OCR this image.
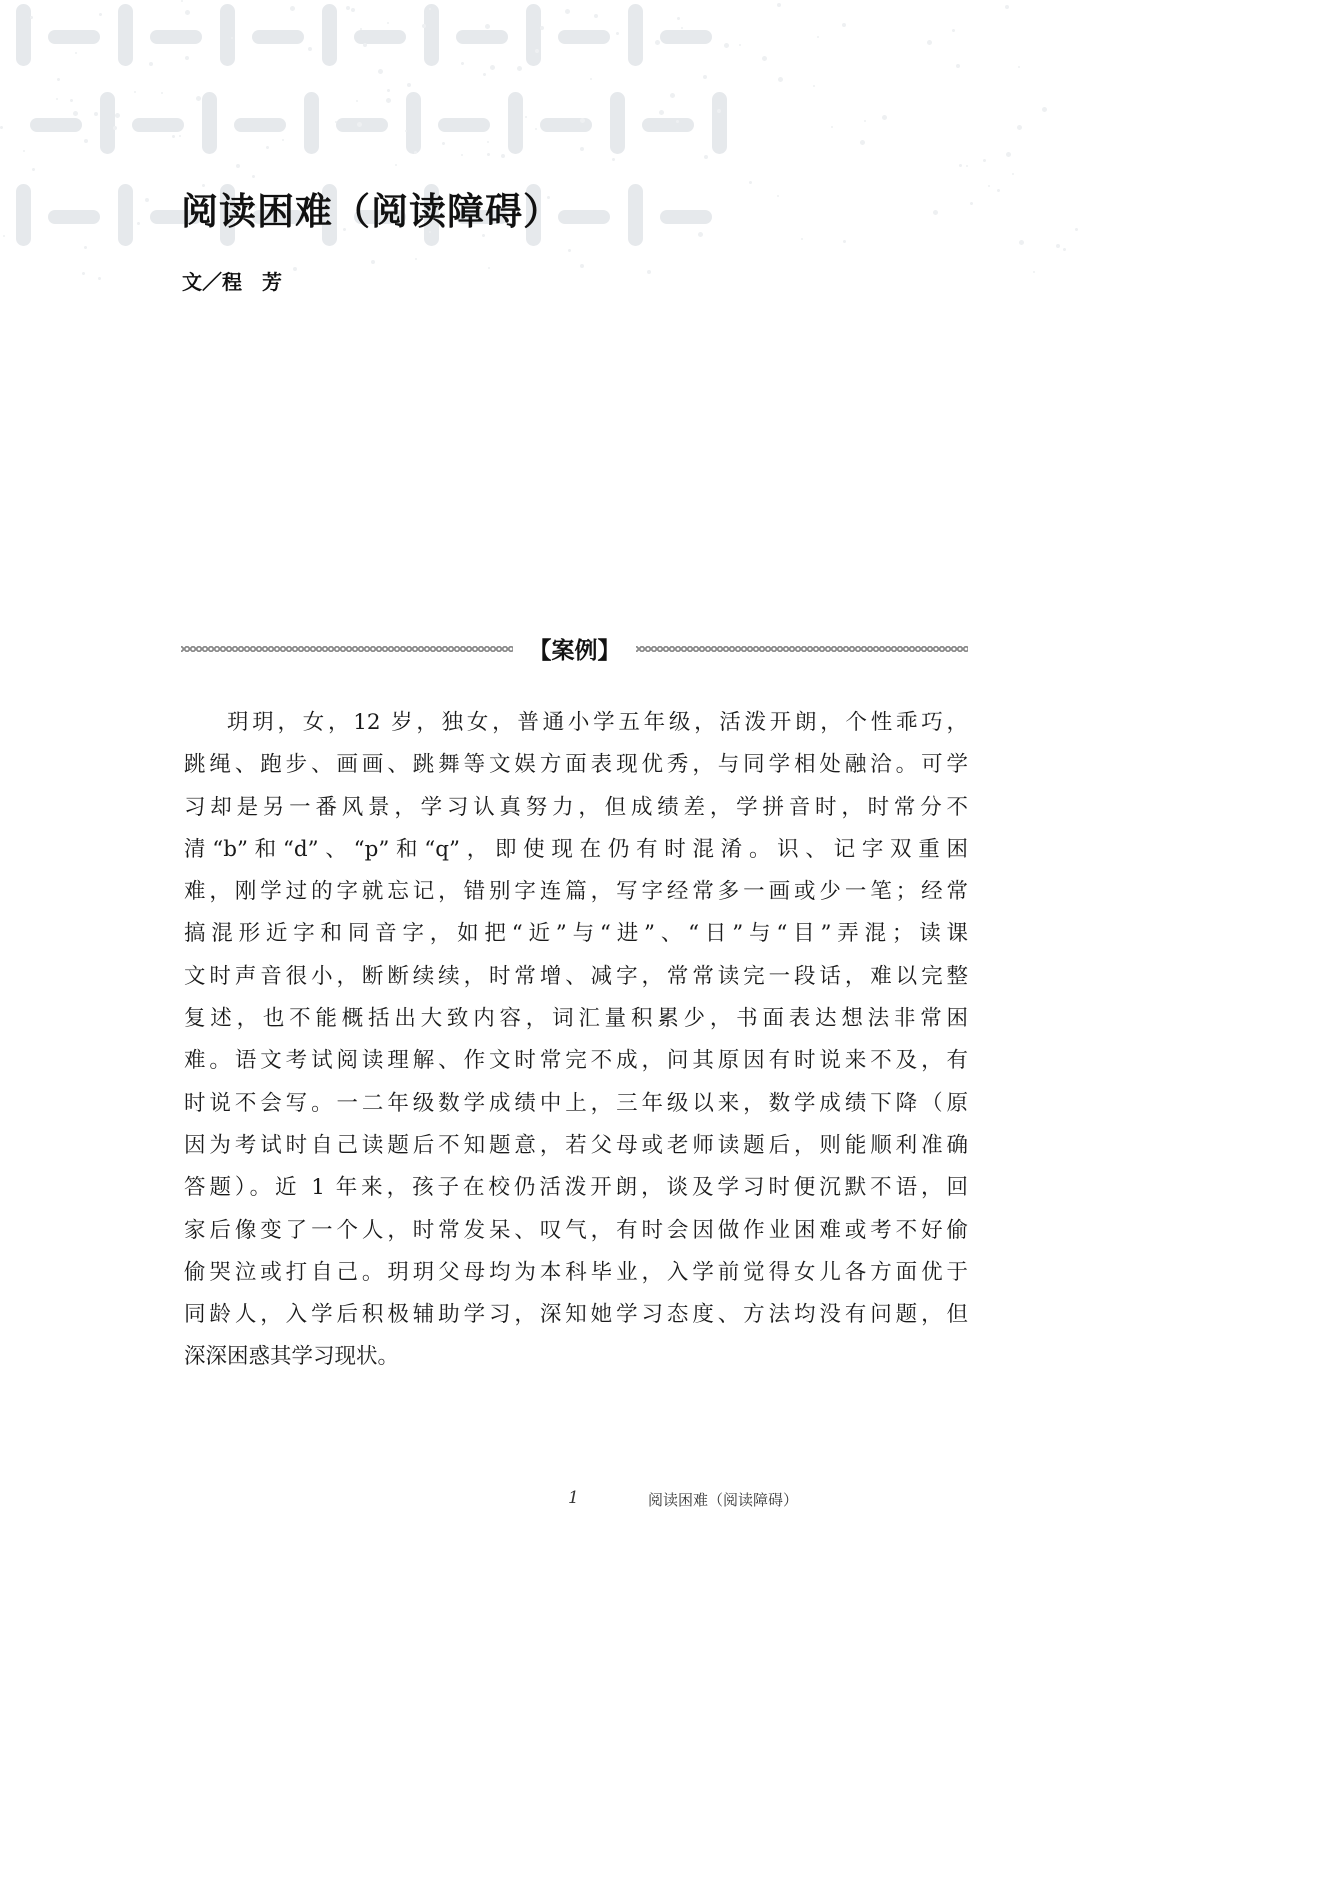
阅读困难（阅读障碍）
文／程　芳
【案例】
玥玥，女，12 岁，独女，普通小学五年级，活泼开朗，个性乖巧，
跳绳、跑步、画画、跳舞等文娱方面表现优秀，与同学相处融洽。可学
习却是另一番风景，学习认真努力，但成绩差，学拼音时，时常分不
清“b”和“d”、“p”和“q”，即使现在仍有时混淆。识、记字双重困
难，刚学过的字就忘记，错别字连篇，写字经常多一画或少一笔；经常
搞混形近字和同音字，如把“近”与“进”、“日”与“目”弄混；读课
文时声音很小，断断续续，时常增、减字，常常读完一段话，难以完整
复述，也不能概括出大致内容，词汇量积累少，书面表达想法非常困
难。语文考试阅读理解、作文时常完不成，问其原因有时说来不及，有
时说不会写。一二年级数学成绩中上，三年级以来，数学成绩下降（原
因为考试时自己读题后不知题意，若父母或老师读题后，则能顺利准确
答题）。近 1 年来，孩子在校仍活泼开朗，谈及学习时便沉默不语，回
家后像变了一个人，时常发呆、叹气，有时会因做作业困难或考不好偷
偷哭泣或打自己。玥玥父母均为本科毕业，入学前觉得女儿各方面优于
同龄人，入学后积极辅助学习，深知她学习态度、方法均没有问题，但
深深困惑其学习现状。
1	阅读困难（阅读障碍）
